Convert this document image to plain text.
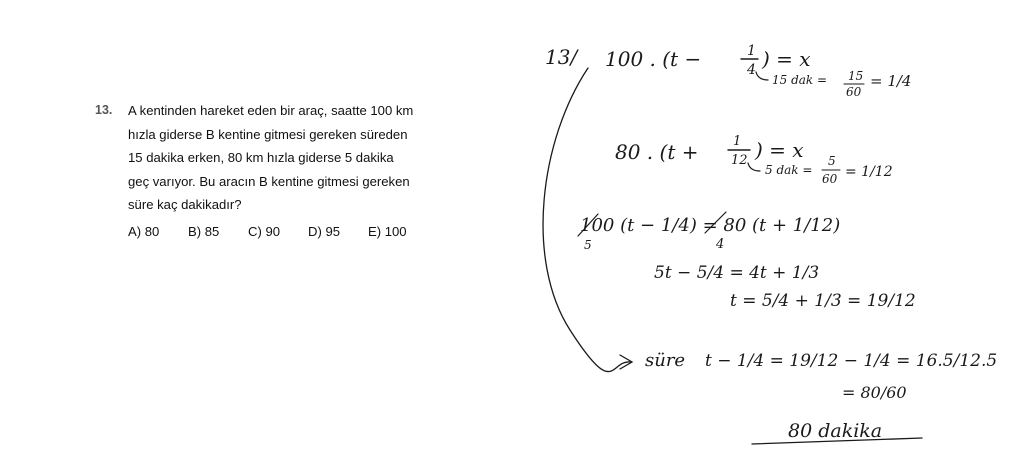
13. A kentinden hareket eden bir araç, saatte 100 km
hızla giderse B kentine gitmesi gereken süreden
15 dakika erken, 80 km hızla giderse 5 dakika
geç varıyor. Bu aracın B kentine gitmesi gereken
süre kaç dakikadır?
A) 80	B) 85	C) 90	D) 95	E) 100
13/ 100 . (t −	1
4 ) = x
15 dak = 15
60
= 1/4
80 . (t +	1
12 ) = x
5 dak =
5
60 = 1/12
100 (t − 1/4) = 80 (t + 1/12)
5	4
5t − 5/4 = 4t + 1/3
t = 5/4 + 1/3 = 19/12
süre t − 1/4 = 19/12 − 1/4 = 16.5/12.5
= 80/60
80 dakika
